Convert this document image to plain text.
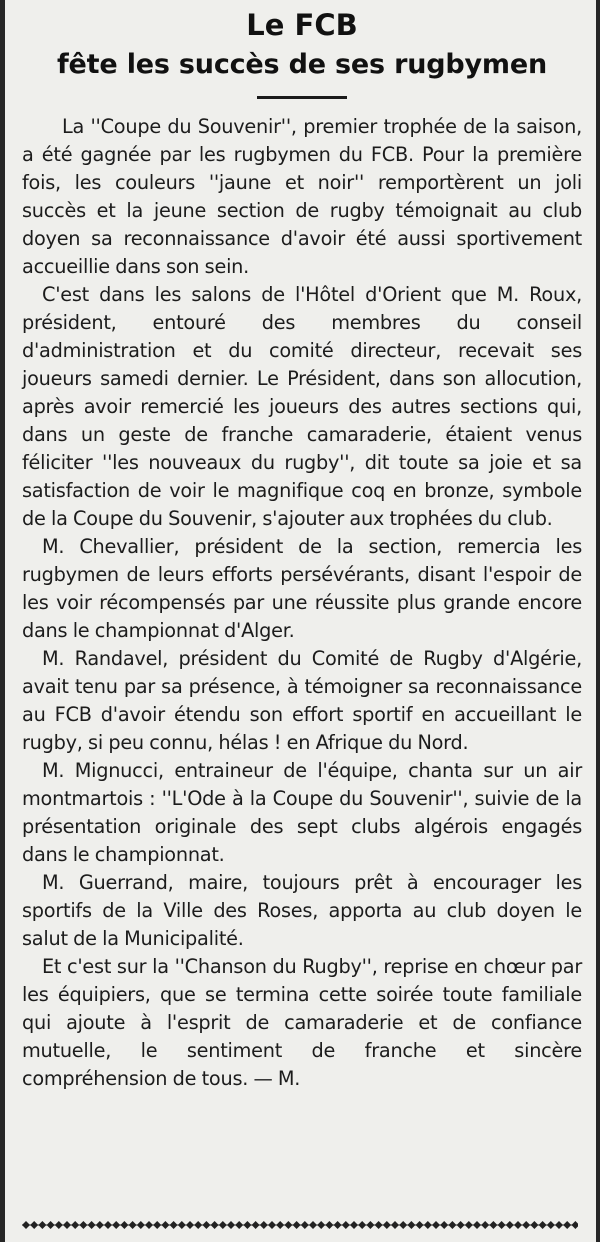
Le FCB
fête les succès de ses rugbymen

La ''Coupe du Souvenir'', premier trophée de la saison, a été gagnée par les rugbymen du FCB. Pour la première fois, les couleurs ''jaune et noir'' remportèrent un joli succès et la jeune section de rugby témoignait au club doyen sa reconnaissance d'avoir été aussi sportivement accueillie dans son sein.

C'est dans les salons de l'Hôtel d'Orient que M. Roux, président, entouré des membres du conseil d'administration et du comité directeur, recevait ses joueurs samedi dernier. Le Président, dans son allocution, après avoir remercié les joueurs des autres sections qui, dans un geste de franche camaraderie, étaient venus féliciter ''les nouveaux du rugby'', dit toute sa joie et sa satisfaction de voir le magnifique coq en bronze, symbole de la Coupe du Souvenir, s'ajouter aux trophées du club.

M. Chevallier, président de la section, remercia les rugbymen de leurs efforts persévérants, disant l'espoir de les voir récompensés par une réussite plus grande encore dans le championnat d'Alger.

M. Randavel, président du Comité de Rugby d'Algérie, avait tenu par sa présence, à témoigner sa reconnaissance au FCB d'avoir étendu son effort sportif en accueillant le rugby, si peu connu, hélas ! en Afrique du Nord.

M. Mignucci, entraineur de l'équipe, chanta sur un air montmartois : ''L'Ode à la Coupe du Souvenir'', suivie de la présentation originale des sept clubs algérois engagés dans le championnat.

M. Guerrand, maire, toujours prêt à encourager les sportifs de la Ville des Roses, apporta au club doyen le salut de la Municipalité.

Et c'est sur la ''Chanson du Rugby'', reprise en chœur par les équipiers, que se termina cette soirée toute familiale qui ajoute à l'esprit de camaraderie et de confiance mutuelle, le sentiment de franche et sincère compréhension de tous. — M.
